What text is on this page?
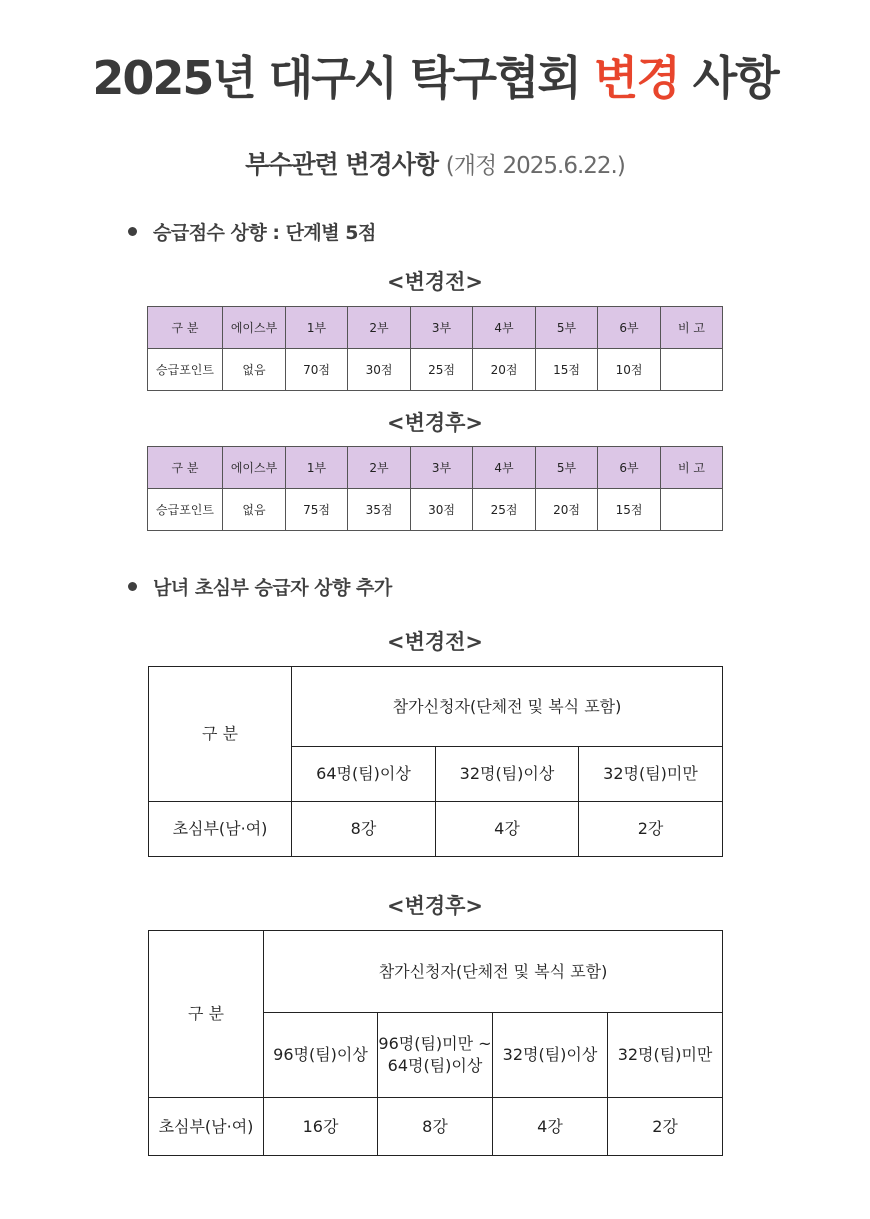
2025년 대구시 탁구협회 변경 사항
부수관련 변경사항 (개정 2025.6.22.)
승급점수 상향 : 단계별 5점
<변경전>
구 분	에이스부	1부	2부	3부	4부	5부	6부	비 고
승급포인트	없음	70점	30점	25점	20점	15점	10점	
<변경후>
구 분	에이스부	1부	2부	3부	4부	5부	6부	비 고
승급포인트	없음	75점	35점	30점	25점	20점	15점	
남녀 초심부 승급자 상향 추가
<변경전>
구 분	참가신청자(단체전 및 복식 포함)		
	64명(팀)이상	32명(팀)이상	32명(팀)미만
초심부(남·여)	8강	4강	2강
<변경후>
구 분	참가신청자(단체전 및 복식 포함)			
	96명(팀)이상	96명(팀)미만 ~ 64명(팀)이상	32명(팀)이상	32명(팀)미만
초심부(남·여)	16강	8강	4강	2강
